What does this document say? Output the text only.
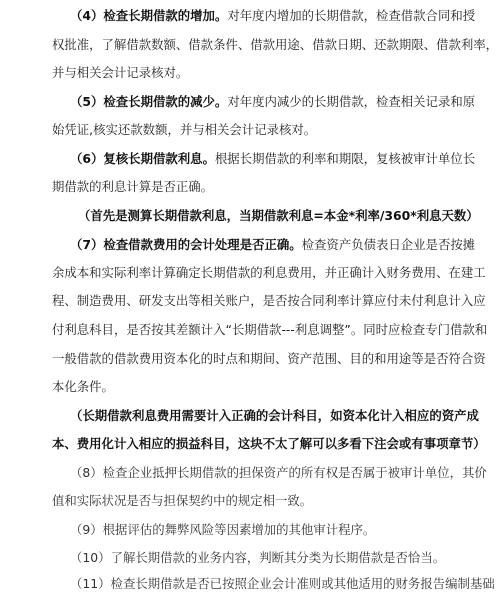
（4）检查长期借款的增加。对年度内增加的长期借款，检查借款合同和授
权批准，了解借款数额、借款条件、借款用途、借款日期、还款期限、借款利率，
并与相关会计记录核对。
（5）检查长期借款的减少。对年度内减少的长期借款，检查相关记录和原
始凭证,核实还款数额，并与相关会计记录核对。
（6）复核长期借款利息。根据长期借款的利率和期限，复核被审计单位长
期借款的利息计算是否正确。
（首先是测算长期借款利息，当期借款利息=本金*利率/360*利息天数）
（7）检查借款费用的会计处理是否正确。检查资产负债表日企业是否按摊
余成本和实际利率计算确定长期借款的利息费用，并正确计入财务费用、在建工
程、制造费用、研发支出等相关账户，是否按合同利率计算应付未付利息计入应
付利息科目，是否按其差额计入“长期借款---利息调整”。同时应检查专门借款和
一般借款的借款费用资本化的时点和期间、资产范围、目的和用途等是否符合资
本化条件。
（长期借款利息费用需要计入正确的会计科目，如资本化计入相应的资产成
本、费用化计入相应的损益科目，这块不太了解可以多看下注会或有事项章节）
（8）检查企业抵押长期借款的担保资产的所有权是否属于被审计单位，其价
值和实际状况是否与担保契约中的规定相一致。
（9）根据评估的舞弊风险等因素增加的其他审计程序。
（10）了解长期借款的业务内容，判断其分类为长期借款是否恰当。
（11）检查长期借款是否已按照企业会计准则或其他适用的财务报告编制基础
